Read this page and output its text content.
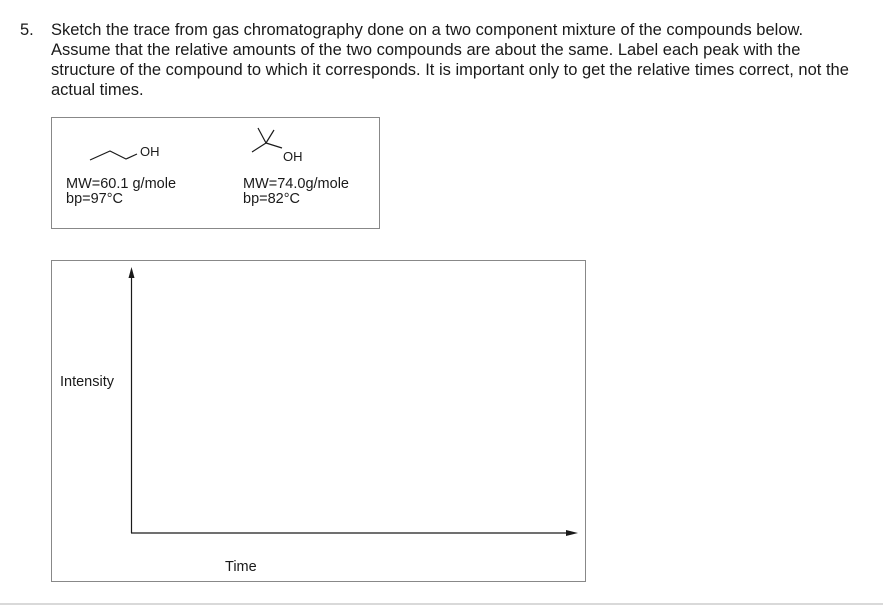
5. Sketch the trace from gas chromatography done on a two component mixture of the compounds below. Assume that the relative amounts of the two compounds are about the same. Label each peak with the structure of the compound to which it corresponds. It is important only to get the relative times correct, not the actual times.
OH
MW=60.1 g/mole
bp=97°C
OH
MW=74.0g/mole
bp=82°C
Intensity
Time
